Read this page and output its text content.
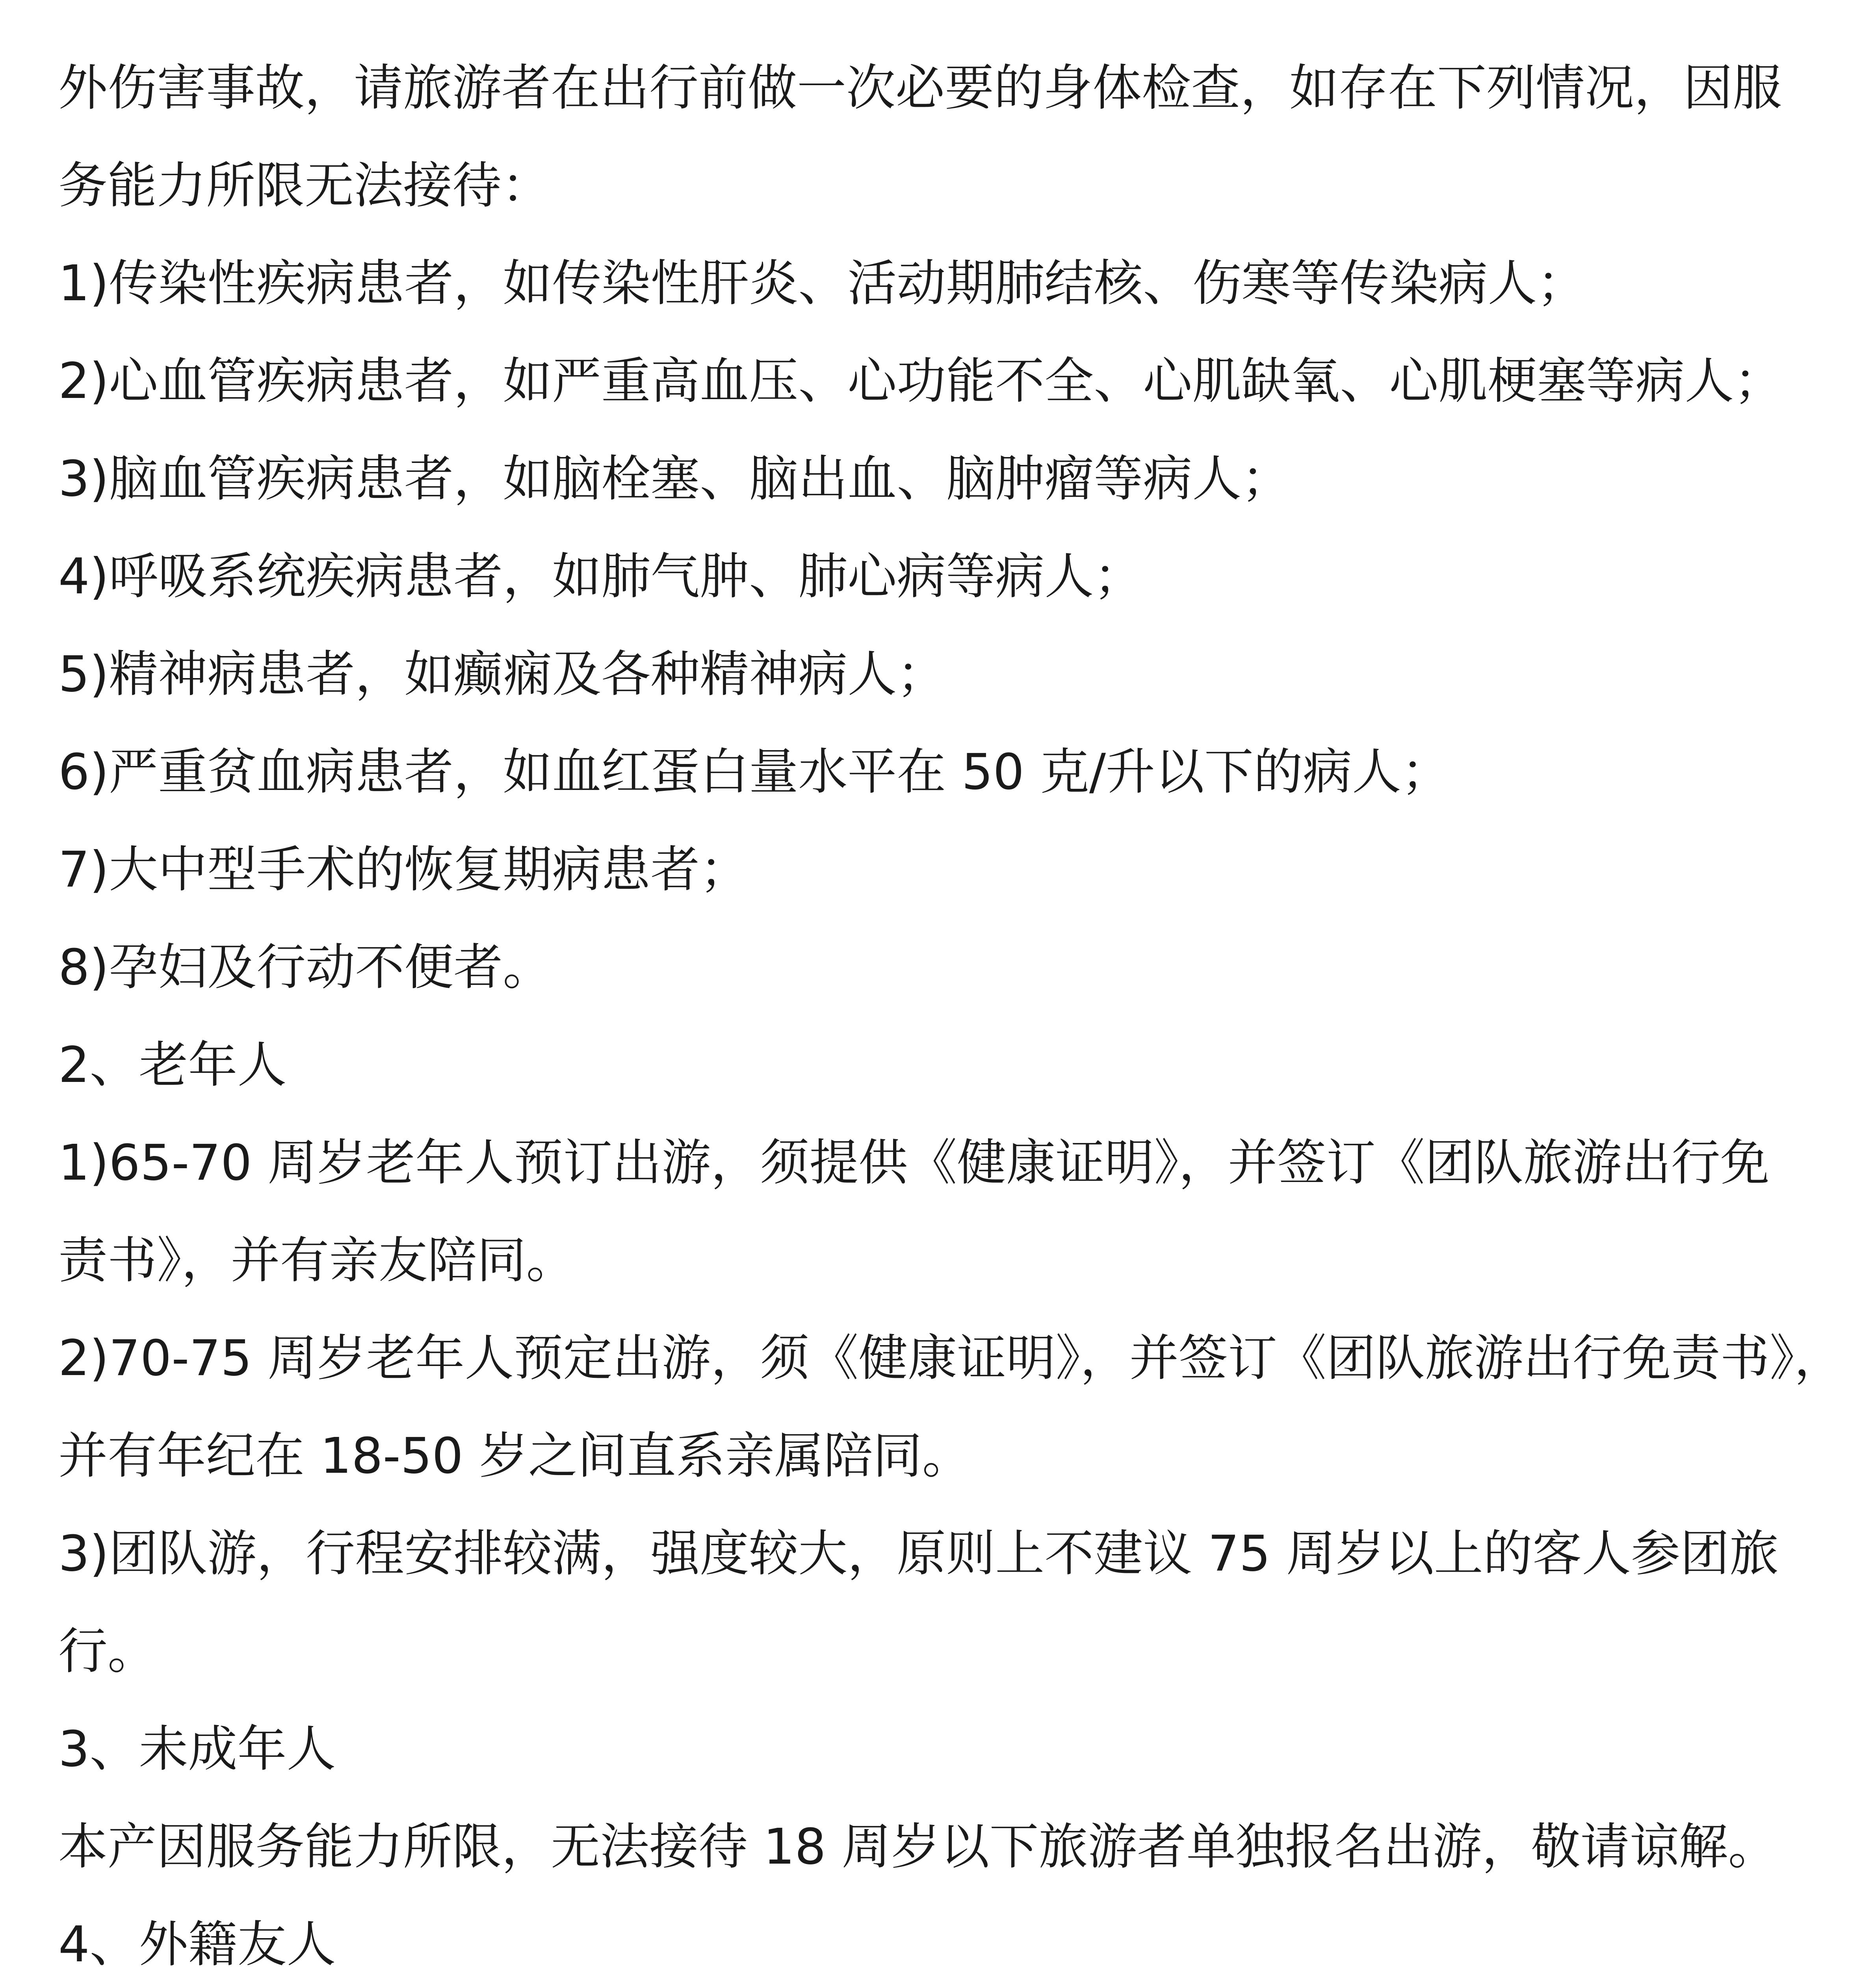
外伤害事故，请旅游者在出行前做一次必要的身体检查，如存在下列情况，因服
务能力所限无法接待：
1)传染性疾病患者，如传染性肝炎、活动期肺结核、伤寒等传染病人；
2)心血管疾病患者，如严重高血压、心功能不全、心肌缺氧、心肌梗塞等病人；
3)脑血管疾病患者，如脑栓塞、脑出血、脑肿瘤等病人；
4)呼吸系统疾病患者，如肺气肿、肺心病等病人；
5)精神病患者，如癫痫及各种精神病人；
6)严重贫血病患者，如血红蛋白量水平在 50 克/升以下的病人；
7)大中型手术的恢复期病患者；
8)孕妇及行动不便者。
2、老年人
1)65-70 周岁老年人预订出游，须提供《健康证明》，并签订《团队旅游出行免
责书》，并有亲友陪同。
2)70-75 周岁老年人预定出游，须《健康证明》，并签订《团队旅游出行免责书》，
并有年纪在 18-50 岁之间直系亲属陪同。
3)团队游，行程安排较满，强度较大，原则上不建议 75 周岁以上的客人参团旅
行。
3、未成年人
本产因服务能力所限，无法接待 18 周岁以下旅游者单独报名出游，敬请谅解。
4、外籍友人
